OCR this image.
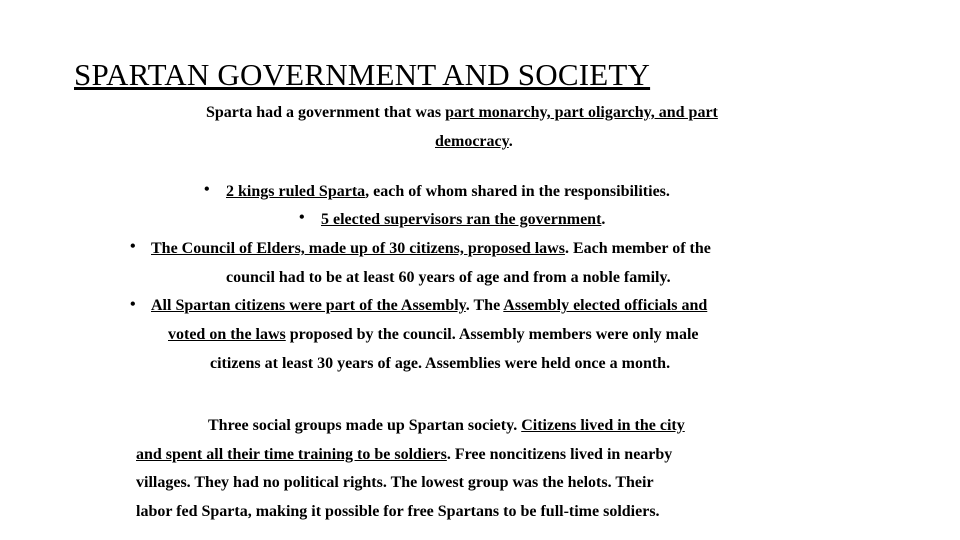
SPARTAN GOVERNMENT AND SOCIETY
Sparta had a government that was part monarchy, part oligarchy, and part
democracy.
• 2 kings ruled Sparta, each of whom shared in the responsibilities.
• 5 elected supervisors ran the government.
• The Council of Elders, made up of 30 citizens, proposed laws. Each member of the
council had to be at least 60 years of age and from a noble family.
• All Spartan citizens were part of the Assembly. The Assembly elected officials and
voted on the laws proposed by the council. Assembly members were only male
citizens at least 30 years of age. Assemblies were held once a month.
Three social groups made up Spartan society. Citizens lived in the city
and spent all their time training to be soldiers. Free noncitizens lived in nearby
villages. They had no political rights. The lowest group was the helots. Their
labor fed Sparta, making it possible for free Spartans to be full-time soldiers.
